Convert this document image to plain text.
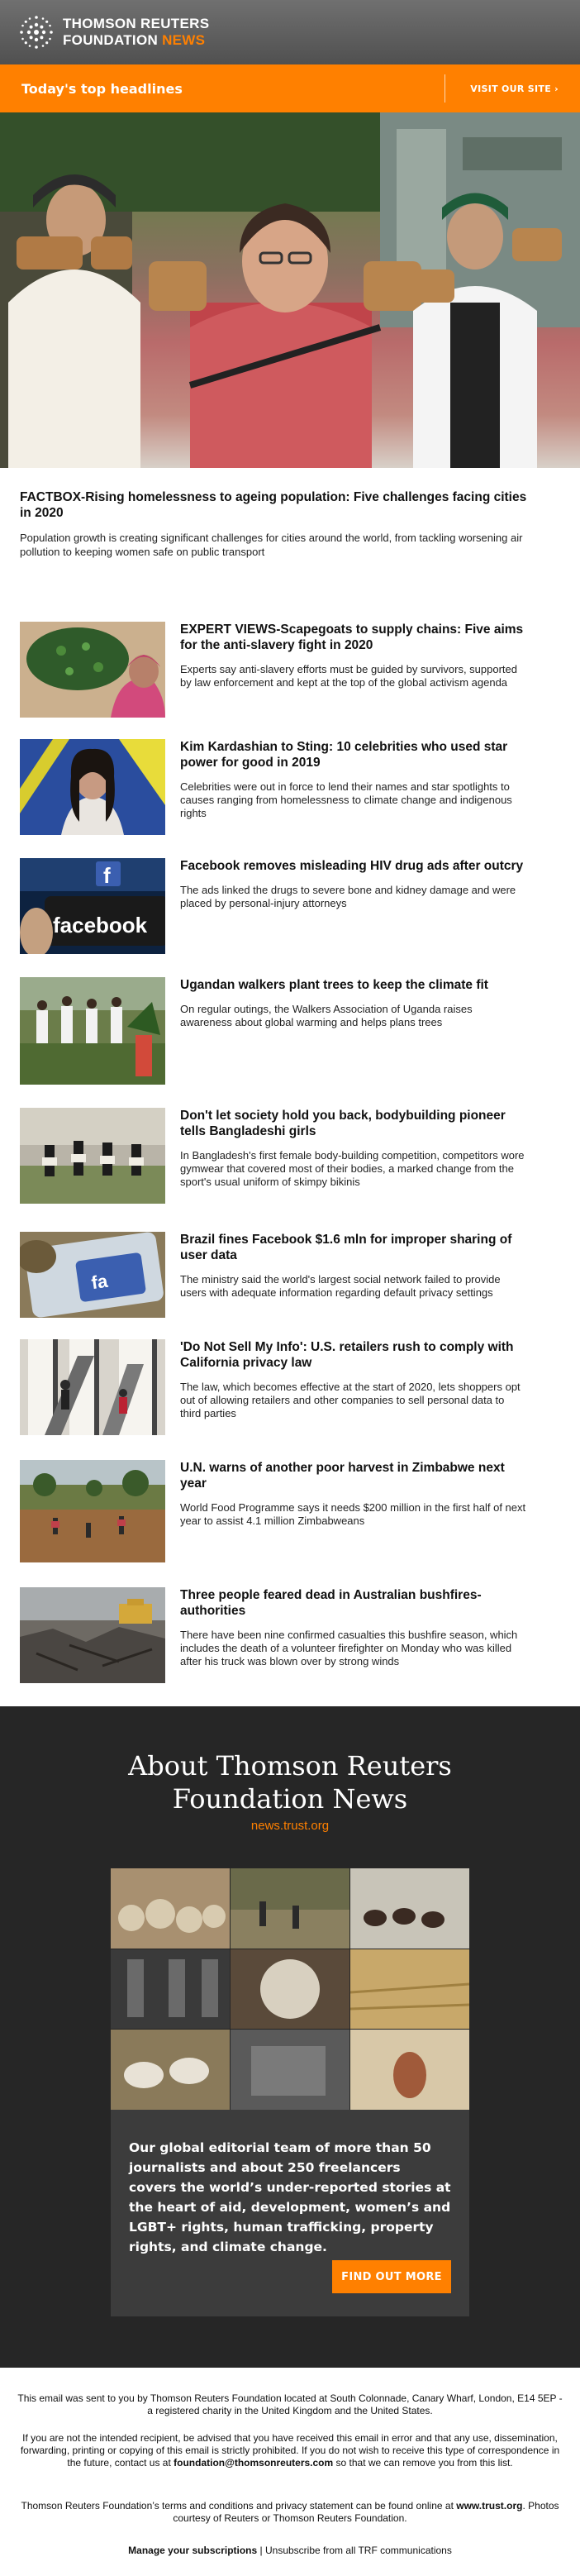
THOMSON REUTERS
FOUNDATION NEWS
Today's top headlines	VISIT OUR SITE ›
FACTBOX-Rising homelessness to ageing population: Five challenges facing cities in 2020

Population growth is creating significant challenges for cities around the world, from tackling worsening air pollution to keeping women safe on public transport

EXPERT VIEWS-Scapegoats to supply chains: Five aims for the anti-slavery fight in 2020

Experts say anti-slavery efforts must be guided by survivors, supported by law enforcement and kept at the top of the global activism agenda

Kim Kardashian to Sting: 10 celebrities who used star power for good in 2019

Celebrities were out in force to lend their names and star spotlights to causes ranging from homelessness to climate change and indigenous rights

f
facebook
Facebook removes misleading HIV drug ads after outcry

The ads linked the drugs to severe bone and kidney damage and were placed by personal-injury attorneys

Ugandan walkers plant trees to keep the climate fit

On regular outings, the Walkers Association of Uganda raises awareness about global warming and helps plans trees

Don't let society hold you back, bodybuilding pioneer tells Bangladeshi girls

In Bangladesh's first female body-building competition, competitors wore gymwear that covered most of their bodies, a marked change from the sport's usual uniform of skimpy bikinis

fa
Brazil fines Facebook $1.6 mln for improper sharing of user data

The ministry said the world's largest social network failed to provide users with adequate information regarding default privacy settings

'Do Not Sell My Info': U.S. retailers rush to comply with California privacy law

The law, which becomes effective at the start of 2020, lets shoppers opt out of allowing retailers and other companies to sell personal data to third parties

U.N. warns of another poor harvest in Zimbabwe next year

World Food Programme says it needs $200 million in the first half of next year to assist 4.1 million Zimbabweans

Three people feared dead in Australian bushfires-authorities

There have been nine confirmed casualties this bushfire season, which includes the death of a volunteer firefighter on Monday who was killed after his truck was blown over by strong winds

About Thomson Reuters
Foundation News
news.trust.org
Our global editorial team of more than 50 journalists and about 250 freelancers covers the world’s under-reported stories at the heart of aid, development, women’s and LGBT+ rights, human trafficking, property rights, and climate change.
FIND OUT MORE

This email was sent to you by Thomson Reuters Foundation located at South Colonnade, Canary Wharf, London, E14 5EP - a registered charity in the United Kingdom and the United States.

If you are not the intended recipient, be advised that you have received this email in error and that any use, dissemination, forwarding, printing or copying of this email is strictly prohibited. If you do not wish to receive this type of correspondence in the future, contact us at foundation@thomsonreuters.com so that we can remove you from this list.

Thomson Reuters Foundation’s terms and conditions and privacy statement can be found online at www.trust.org. Photos courtesy of Reuters or Thomson Reuters Foundation.

Manage your subscriptions | Unsubscribe from all TRF communications
